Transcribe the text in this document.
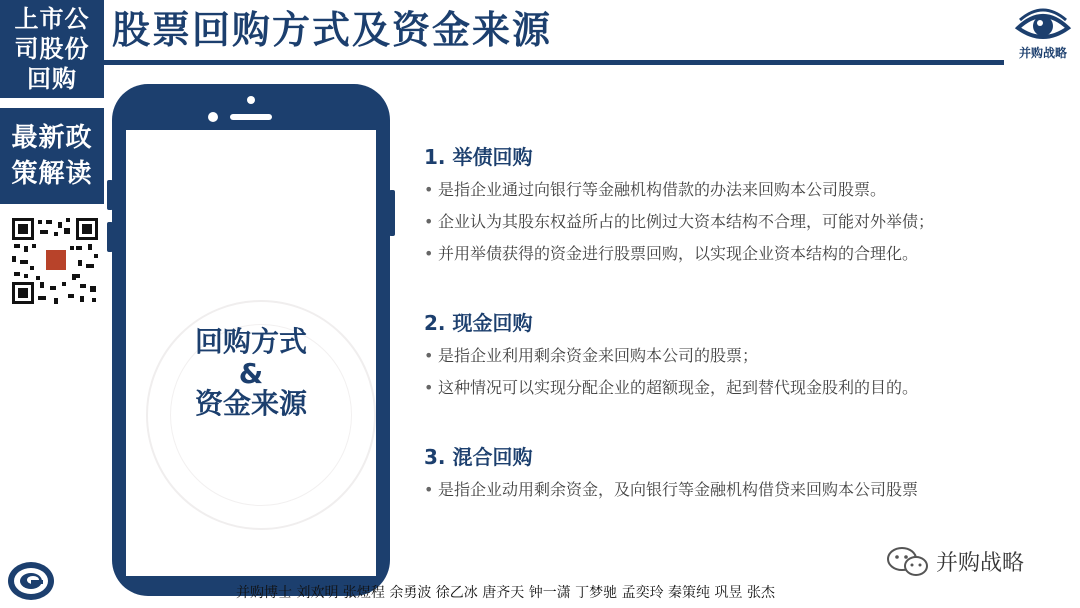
上市公
司股份
回购
最新政
策解读
股票回购方式及资金来源
并购战略
回购方式
&
资金来源
1. 举债回购
• 是指企业通过向银行等金融机构借款的办法来回购本公司股票。
• 企业认为其股东权益所占的比例过大资本结构不合理，可能对外举债；
• 并用举债获得的资金进行股票回购，以实现企业资本结构的合理化。
2. 现金回购
• 是指企业利用剩余资金来回购本公司的股票；
• 这种情况可以实现分配企业的超额现金，起到替代现金股利的目的。
3. 混合回购
• 是指企业动用剩余资金，及向银行等金融机构借贷来回购本公司股票
并购博士 刘欢明 张煜程 余勇波 徐乙冰 唐齐天 钟一潇 丁梦驰 孟奕玲 秦策纯 巩昱 张杰
并购战略
